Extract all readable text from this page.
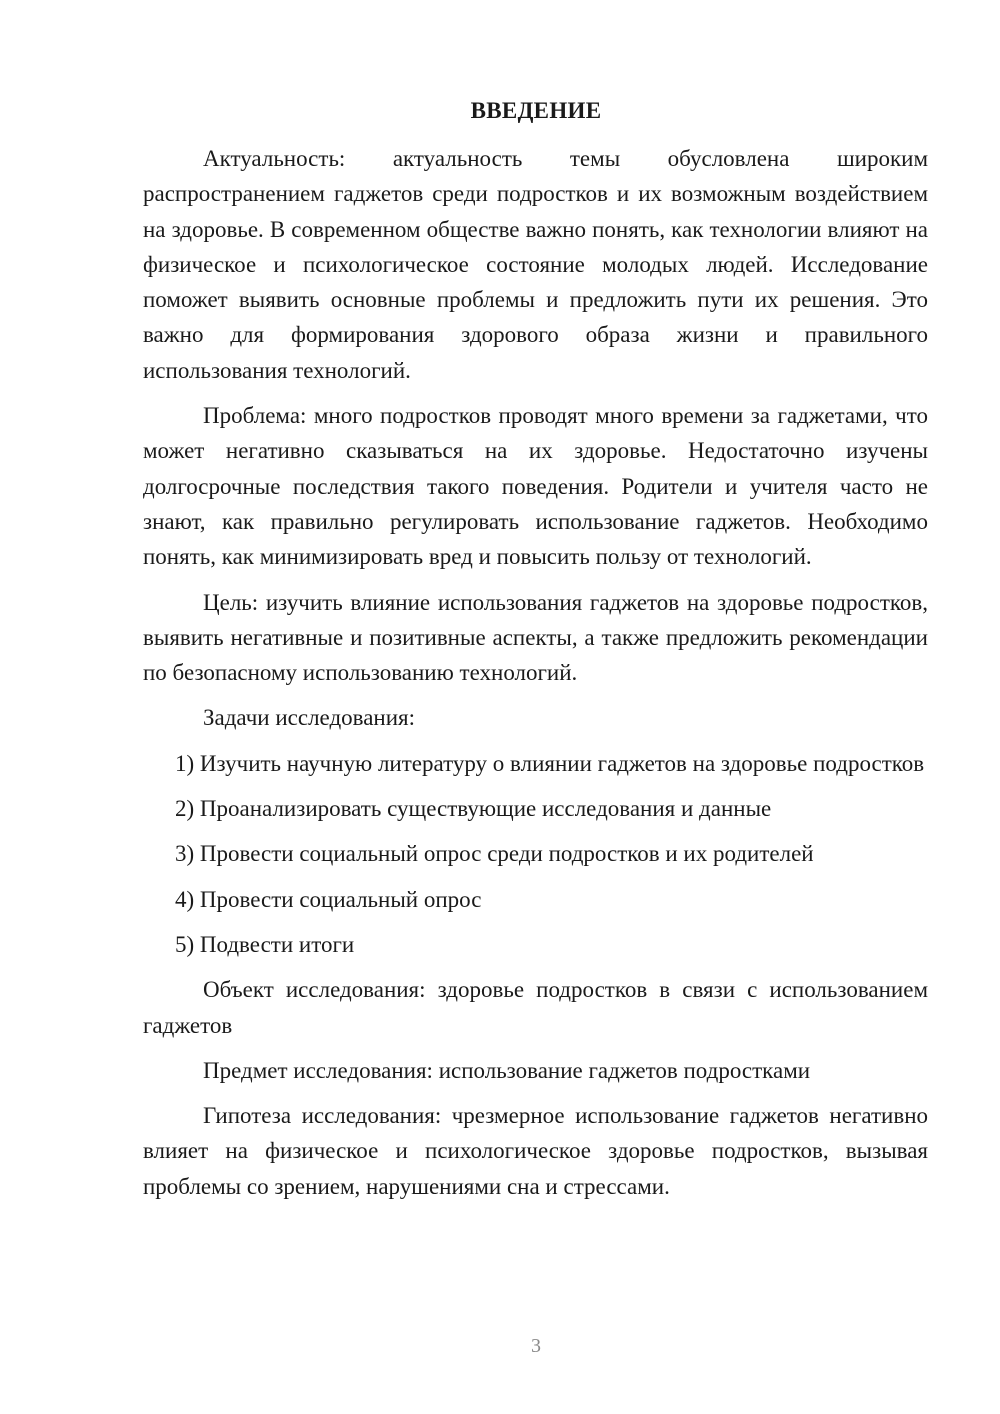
ВВЕДЕНИЕ

Актуальность: актуальность темы обусловлена широким распространением гаджетов среди подростков и их возможным воздействием на здоровье. В современном обществе важно понять, как технологии влияют на физическое и психологическое состояние молодых людей. Исследование поможет выявить основные проблемы и предложить пути их решения. Это важно для формирования здорового образа жизни и правильного использования технологий.

Проблема: много подростков проводят много времени за гаджетами, что может негативно сказываться на их здоровье. Недостаточно изучены долгосрочные последствия такого поведения. Родители и учителя часто не знают, как правильно регулировать использование гаджетов. Необходимо понять, как минимизировать вред и повысить пользу от технологий.

Цель: изучить влияние использования гаджетов на здоровье подростков, выявить негативные и позитивные аспекты, а также предложить рекомендации по безопасному использованию технологий.

Задачи исследования:

1) Изучить научную литературу о влиянии гаджетов на здоровье подростков

2) Проанализировать существующие исследования и данные

3) Провести социальный опрос среди подростков и их родителей

4) Провести социальный опрос

5) Подвести итоги

Объект исследования: здоровье подростков в связи с использованием гаджетов

Предмет исследования: использование гаджетов подростками

Гипотеза исследования: чрезмерное использование гаджетов негативно влияет на физическое и психологическое здоровье подростков, вызывая проблемы со зрением, нарушениями сна и стрессами.

3
